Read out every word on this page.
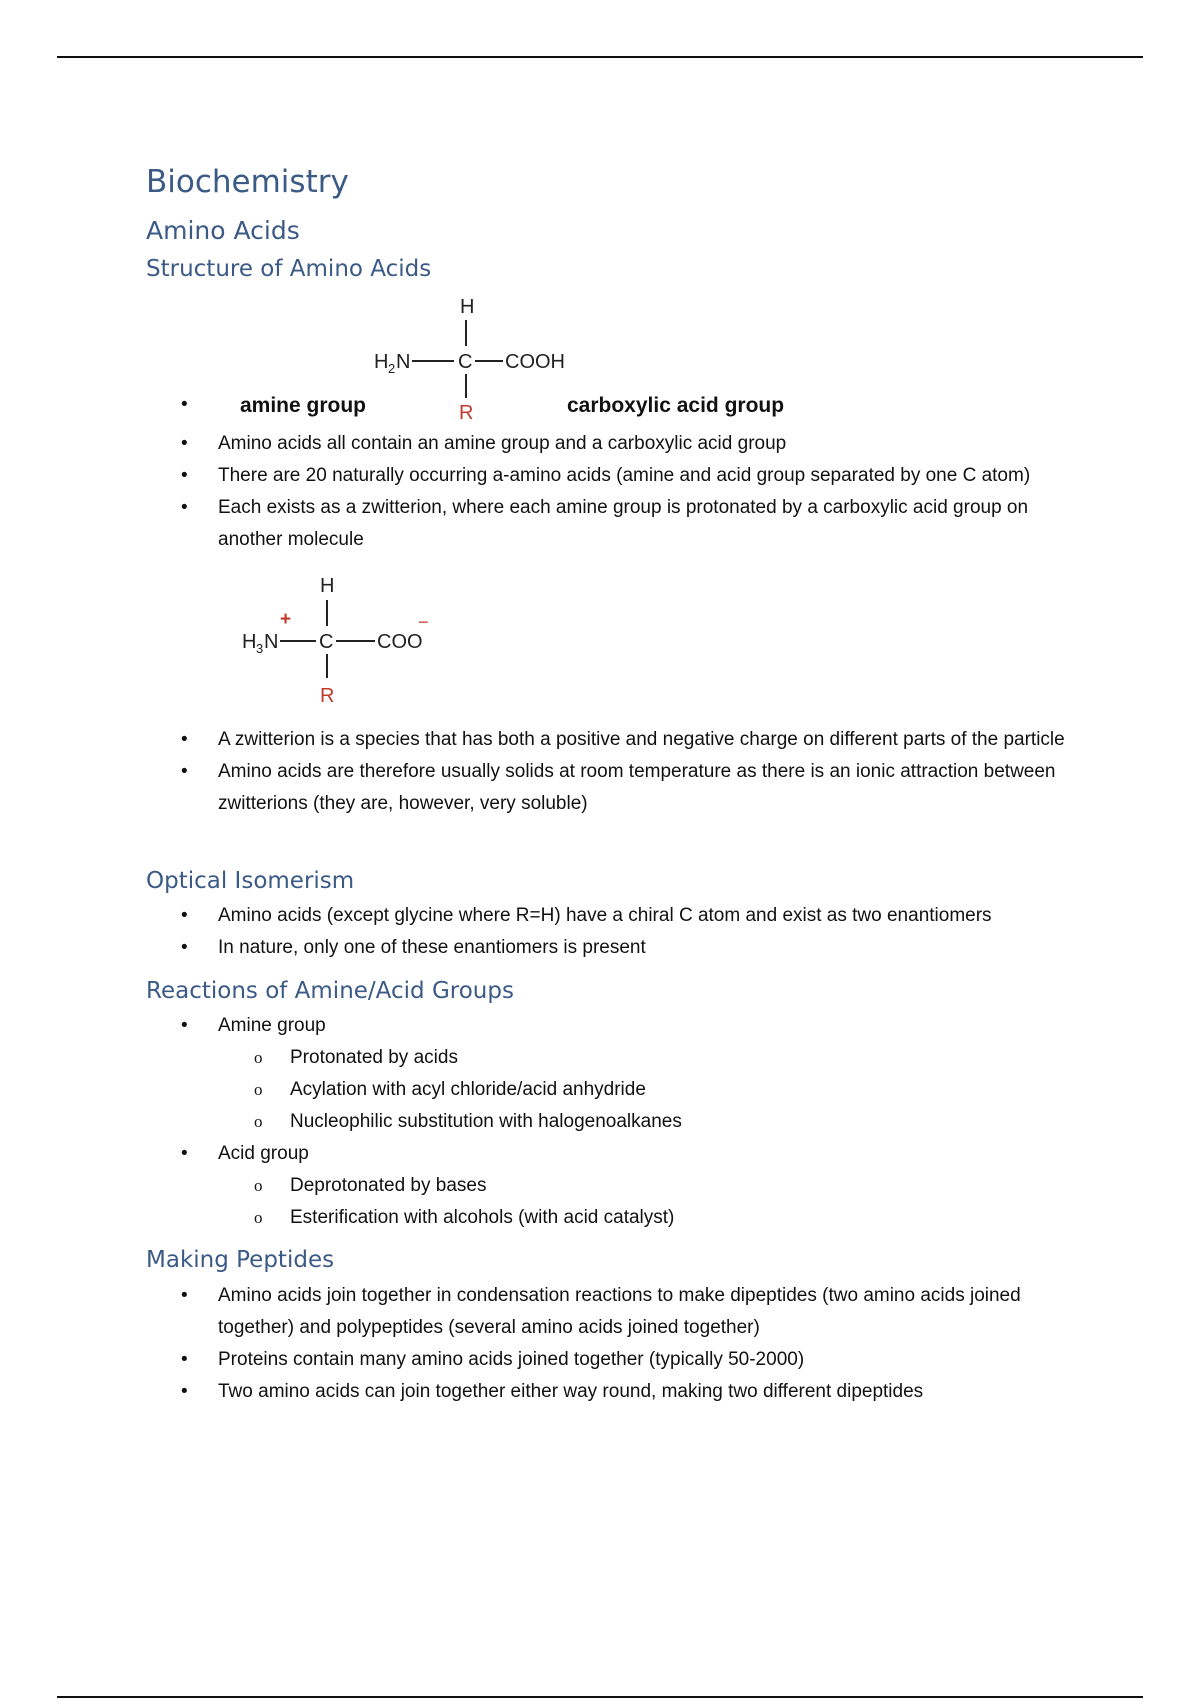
Biochemistry
Amino Acids
Structure of Amino Acids
H
H 2 N C COOH
R
• amine group	carboxylic acid group
• Amino acids all contain an amine group and a carboxylic acid group
• There are 20 naturally occurring a-amino acids (amine and acid group separated by one C atom)
• Each exists as a zwitterion, where each amine group is protonated by a carboxylic acid group on another molecule
H
+
H 3 N C COO
−
R
• A zwitterion is a species that has both a positive and negative charge on different parts of the particle
• Amino acids are therefore usually solids at room temperature as there is an ionic attraction between zwitterions (they are, however, very soluble)
Optical Isomerism
• Amino acids (except glycine where R=H) have a chiral C atom and exist as two enantiomers
• In nature, only one of these enantiomers is present
Reactions of Amine/Acid Groups
• Amine group
o Protonated by acids
o Acylation with acyl chloride/acid anhydride
o Nucleophilic substitution with halogenoalkanes
• Acid group
o Deprotonated by bases
o Esterification with alcohols (with acid catalyst)
Making Peptides
• Amino acids join together in condensation reactions to make dipeptides (two amino acids joined together) and polypeptides (several amino acids joined together)
• Proteins contain many amino acids joined together (typically 50-2000)
• Two amino acids can join together either way round, making two different dipeptides
